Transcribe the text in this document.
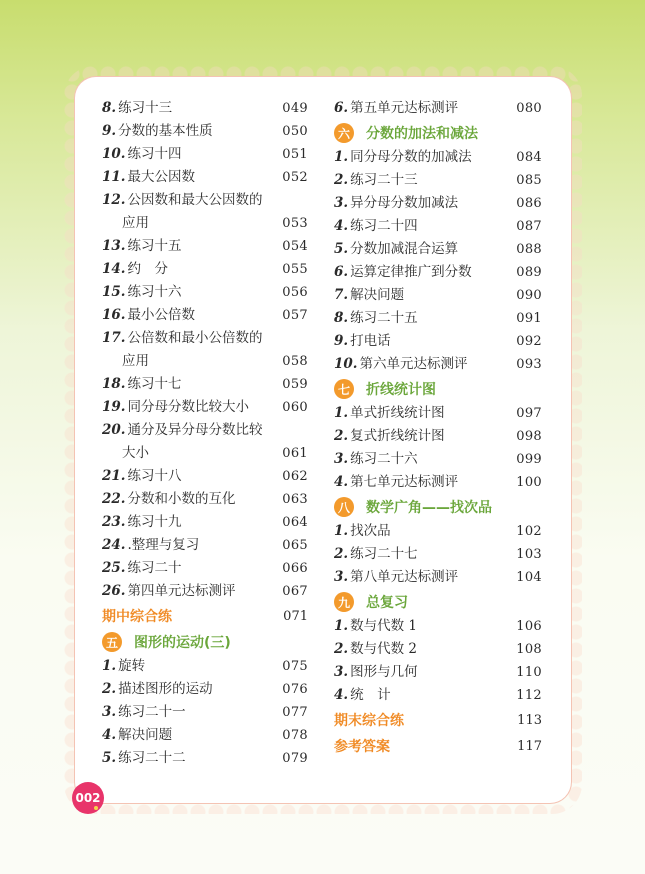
8. 练习十三	049
9. 分数的基本性质	050
10. 练习十四	051
11. 最大公因数	052
12. 公因数和最大公因数的
应用	053
13. 练习十五	054
14. 约　分	055
15. 练习十六	056
16. 最小公倍数	057
17. 公倍数和最小公倍数的
应用	058
18. 练习十七	059
19. 同分母分数比较大小	060
20. 通分及异分母分数比较
大小	061
21. 练习十八	062
22. 分数和小数的互化	063
23. 练习十九	064
24. .整理与复习	065
25. 练习二十	066
26. 第四单元达标测评	067
期中综合练	071
五 图形的运动(三)
1. 旋转	075
2. 描述图形的运动	076
3. 练习二十一	077
4. 解决问题	078
5. 练习二十二	079
6. 第五单元达标测评	080
六 分数的加法和减法
1. 同分母分数的加减法	084
2. 练习二十三	085
3. 异分母分数加减法	086
4. 练习二十四	087
5. 分数加减混合运算	088
6. 运算定律推广到分数	089
7. 解决问题	090
8. 练习二十五	091
9. 打电话	092
10. 第六单元达标测评	093
七 折线统计图
1. 单式折线统计图	097
2. 复式折线统计图	098
3. 练习二十六	099
4. 第七单元达标测评	100
八 数学广角——找次品
1. 找次品	102
2. 练习二十七	103
3. 第八单元达标测评	104
九 总复习
1. 数与代数 1	106
2. 数与代数 2	108
3. 图形与几何	110
4. 统　计	112
期末综合练	113
参考答案	117
002
